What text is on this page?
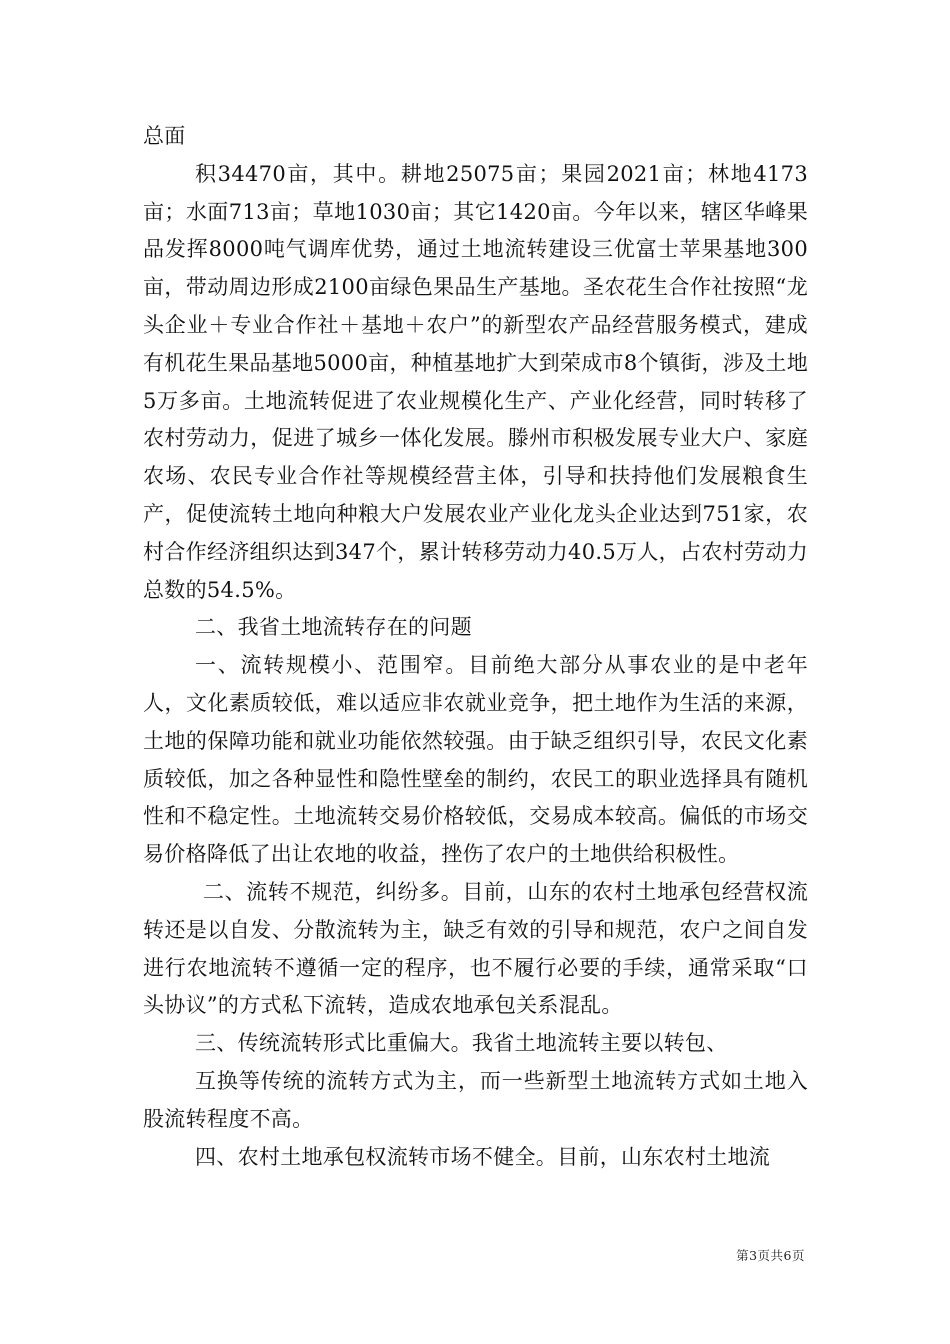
总面

积34470亩，其中。耕地25075亩；果园2021亩；林地4173亩；水面713亩；草地1030亩；其它1420亩。今年以来，辖区华峰果品发挥8000吨气调库优势，通过土地流转建设三优富士苹果基地300亩，带动周边形成2100亩绿色果品生产基地。圣农花生合作社按照“龙头企业＋专业合作社＋基地＋农户”的新型农产品经营服务模式，建成有机花生果品基地5000亩，种植基地扩大到荣成市8个镇街，涉及土地5万多亩。土地流转促进了农业规模化生产、产业化经营，同时转移了农村劳动力，促进了城乡一体化发展。滕州市积极发展专业大户、家庭农场、农民专业合作社等规模经营主体，引导和扶持他们发展粮食生产，促使流转土地向种粮大户发展农业产业化龙头企业达到751家，农村合作经济组织达到347个，累计转移劳动力40.5万人，占农村劳动力总数的54.5%。

二、我省土地流转存在的问题

一、流转规模小、范围窄。目前绝大部分从事农业的是中老年人，文化素质较低，难以适应非农就业竞争，把土地作为生活的来源，土地的保障功能和就业功能依然较强。由于缺乏组织引导，农民文化素质较低，加之各种显性和隐性壁垒的制约，农民工的职业选择具有随机性和不稳定性。土地流转交易价格较低，交易成本较高。偏低的市场交易价格降低了出让农地的收益，挫伤了农户的土地供给积极性。

二、流转不规范，纠纷多。目前，山东的农村土地承包经营权流转还是以自发、分散流转为主，缺乏有效的引导和规范，农户之间自发进行农地流转不遵循一定的程序，也不履行必要的手续，通常采取“口头协议”的方式私下流转，造成农地承包关系混乱。

三、传统流转形式比重偏大。我省土地流转主要以转包、

互换等传统的流转方式为主，而一些新型土地流转方式如土地入股流转程度不高。

四、农村土地承包权流转市场不健全。目前，山东农村土地流

第3页共6页
